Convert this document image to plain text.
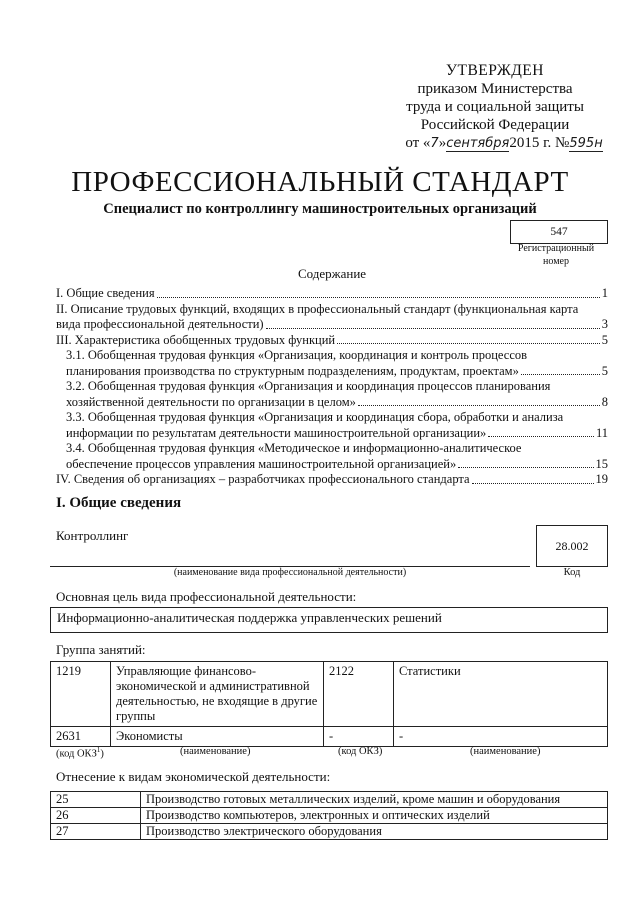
УТВЕРЖДЕН
приказом Министерства
труда и социальной защиты
Российской Федерации
от «7»сентября2015 г. №595н
ПРОФЕССИОНАЛЬНЫЙ СТАНДАРТ
Специалист по контроллингу машиностроительных организаций
547
Регистрационный
номер
Содержание
I. Общие сведения	1
II. Описание трудовых функций, входящих в профессиональный стандарт (функциональная карта
вида профессиональной деятельности)	3
III. Характеристика обобщенных трудовых функций	5
3.1. Обобщенная трудовая функция «Организация, координация и контроль процессов
планирования производства по структурным подразделениям, продуктам, проектам»	5
3.2. Обобщенная трудовая функция «Организация и координация процессов планирования
хозяйственной деятельности по организации в целом»	8
3.3. Обобщенная трудовая функция «Организация и координация сбора, обработки и анализа
информации по результатам деятельности машиностроительной организации»	11
3.4. Обобщенная трудовая функция «Методическое и информационно-аналитическое
обеспечение процессов управления машиностроительной организацией»	15
IV. Сведения об организациях – разработчиках профессионального стандарта	19
I. Общие сведения
Контроллинг
28.002
(наименование вида профессиональной деятельности)	Код
Основная цель вида профессиональной деятельности:
Информационно-аналитическая поддержка управленческих решений
Группа занятий:
1219	Управляющие финансово-экономической и административной деятельностью, не входящие в другие группы	2122	Статистики
2631	Экономисты	-	-
(код ОКЗ$^1$)	(наименование)	(код ОКЗ)	(наименование)
Отнесение к видам экономической деятельности:
25	Производство готовых металлических изделий, кроме машин и оборудования
26	Производство компьютеров, электронных и оптических изделий
27	Производство электрического оборудования
